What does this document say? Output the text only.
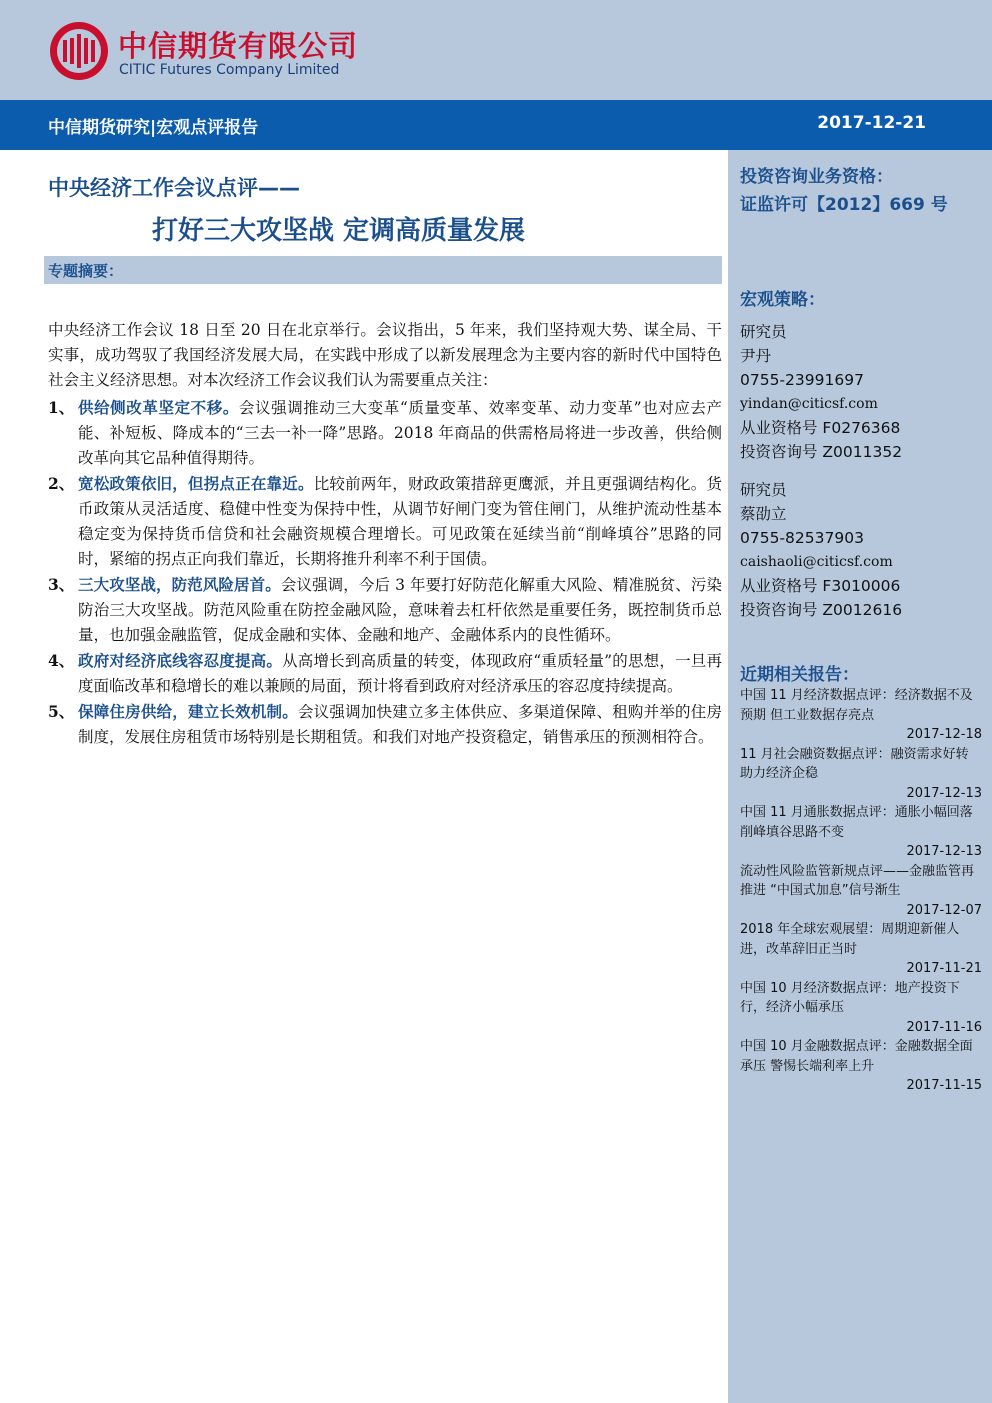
中信期货有限公司
CITIC Futures Company Limited
中信期货研究|宏观点评报告	2017-12-21
中央经济工作会议点评——
打好三大攻坚战 定调高质量发展
专题摘要：

中央经济工作会议 18 日至 20 日在北京举行。会议指出，5 年来，我们坚持观大势、谋全局、干实事，成功驾驭了我国经济发展大局，在实践中形成了以新发展理念为主要内容的新时代中国特色社会主义经济思想。对本次经济工作会议我们认为需要重点关注：

1、 供给侧改革坚定不移。会议强调推动三大变革“质量变革、效率变革、动力变革”也对应去产能、补短板、降成本的“三去一补一降”思路。2018 年商品的供需格局将进一步改善，供给侧改革向其它品种值得期待。
2、 宽松政策依旧，但拐点正在靠近。比较前两年，财政政策措辞更鹰派，并且更强调结构化。货币政策从灵活适度、稳健中性变为保持中性，从调节好闸门变为管住闸门，从维护流动性基本稳定变为保持货币信贷和社会融资规模合理增长。可见政策在延续当前“削峰填谷”思路的同时，紧缩的拐点正向我们靠近，长期将推升利率不利于国债。
3、 三大攻坚战，防范风险居首。会议强调，今后 3 年要打好防范化解重大风险、精准脱贫、污染防治三大攻坚战。防范风险重在防控金融风险，意味着去杠杆依然是重要任务，既控制货币总量，也加强金融监管，促成金融和实体、金融和地产、金融体系内的良性循环。
4、 政府对经济底线容忍度提高。从高增长到高质量的转变，体现政府“重质轻量”的思想，一旦再度面临改革和稳增长的难以兼顾的局面，预计将看到政府对经济承压的容忍度持续提高。
5、 保障住房供给，建立长效机制。会议强调加快建立多主体供应、多渠道保障、租购并举的住房制度，发展住房租赁市场特别是长期租赁。和我们对地产投资稳定，销售承压的预测相符合。
投资咨询业务资格：
证监许可【2012】669 号
宏观策略：
研究员
尹丹
0755-23991697
yindan@citicsf.com
从业资格号 F0276368
投资咨询号 Z0011352
研究员
蔡劭立
0755-82537903
caishaoli@citicsf.com
从业资格号 F3010006
投资咨询号 Z0012616
近期相关报告：
中国 11 月经济数据点评：经济数据不及预期 但工业数据存亮点
2017-12-18
11 月社会融资数据点评：融资需求好转 助力经济企稳
2017-12-13
中国 11 月通胀数据点评：通胀小幅回落 削峰填谷思路不变
2017-12-13
流动性风险监管新规点评——金融监管再推进 “中国式加息”信号渐生
2017-12-07
2018 年全球宏观展望：周期迎新催人进，改革辞旧正当时
2017-11-21
中国 10 月经济数据点评：地产投资下行，经济小幅承压
2017-11-16
中国 10 月金融数据点评：金融数据全面承压 警惕长端利率上升
2017-11-15
